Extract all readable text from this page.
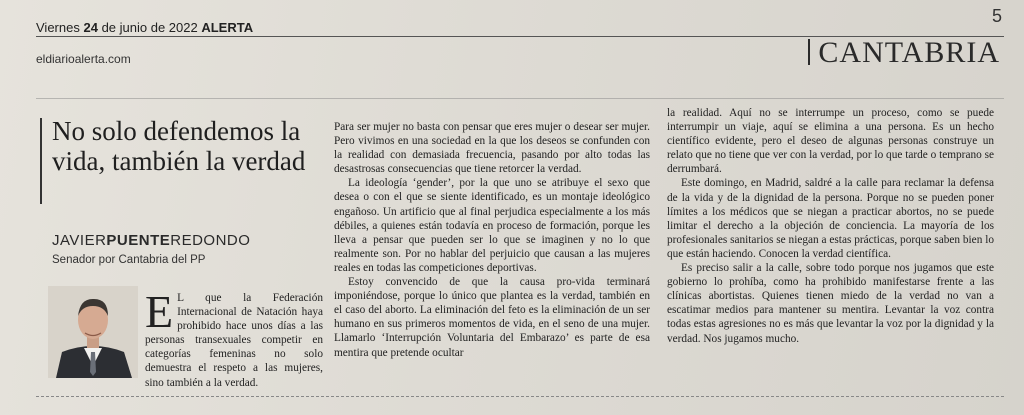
Viernes 24 de junio de 2022 ALERTA
5
eldiarioalerta.com	CANTABRIA
No solo defendemos la vida, también la verdad
JAVIERPUENTEREDONDO
Senador por Cantabria del PP
E L que la Federación Internacional de Natación haya prohibido hace unos días a las personas transexuales competir en categorías femeninas no solo demuestra el respeto a las mujeres, sino también a la verdad.

Para ser mujer no basta con pensar que eres mujer o desear ser mujer. Pero vivimos en una sociedad en la que los deseos se confunden con la realidad con demasiada frecuencia, pasando por alto todas las desastrosas consecuencias que tiene retorcer la verdad.

La ideología ‘gender’, por la que uno se atribuye el sexo que desea o con el que se siente identificado, es un montaje ideológico engañoso. Un artificio que al final perjudica especialmente a los más débiles, a quienes están todavía en proceso de formación, porque les lleva a pensar que pueden ser lo que se imaginen y no lo que realmente son. Por no hablar del perjuicio que causan a las mujeres reales en todas las competiciones deportivas.

Estoy convencido de que la causa pro-vida terminará imponiéndose, porque lo único que plantea es la verdad, también en el caso del aborto. La eliminación del feto es la eliminación de un ser humano en sus primeros momentos de vida, en el seno de una mujer. Llamarlo ‘Interrupción Voluntaria del Embarazo’ es parte de esa mentira que pretende ocultar

la realidad. Aquí no se interrumpe un proceso, como se puede interrumpir un viaje, aquí se elimina a una persona. Es un hecho científico evidente, pero el deseo de algunas personas construye un relato que no tiene que ver con la verdad, por lo que tarde o temprano se derrumbará.

Este domingo, en Madrid, saldré a la calle para reclamar la defensa de la vida y de la dignidad de la persona. Porque no se pueden poner límites a los médicos que se niegan a practicar abortos, no se puede limitar el derecho a la objeción de conciencia. La mayoría de los profesionales sanitarios se niegan a estas prácticas, porque saben bien lo que están haciendo. Conocen la verdad científica.

Es preciso salir a la calle, sobre todo porque nos jugamos que este gobierno lo prohíba, como ha prohibido manifestarse frente a las clínicas abortistas. Quienes tienen miedo de la verdad no van a escatimar medios para mantener su mentira. Levantar la voz contra todas estas agresiones no es más que levantar la voz por la dignidad y la verdad. Nos jugamos mucho.
